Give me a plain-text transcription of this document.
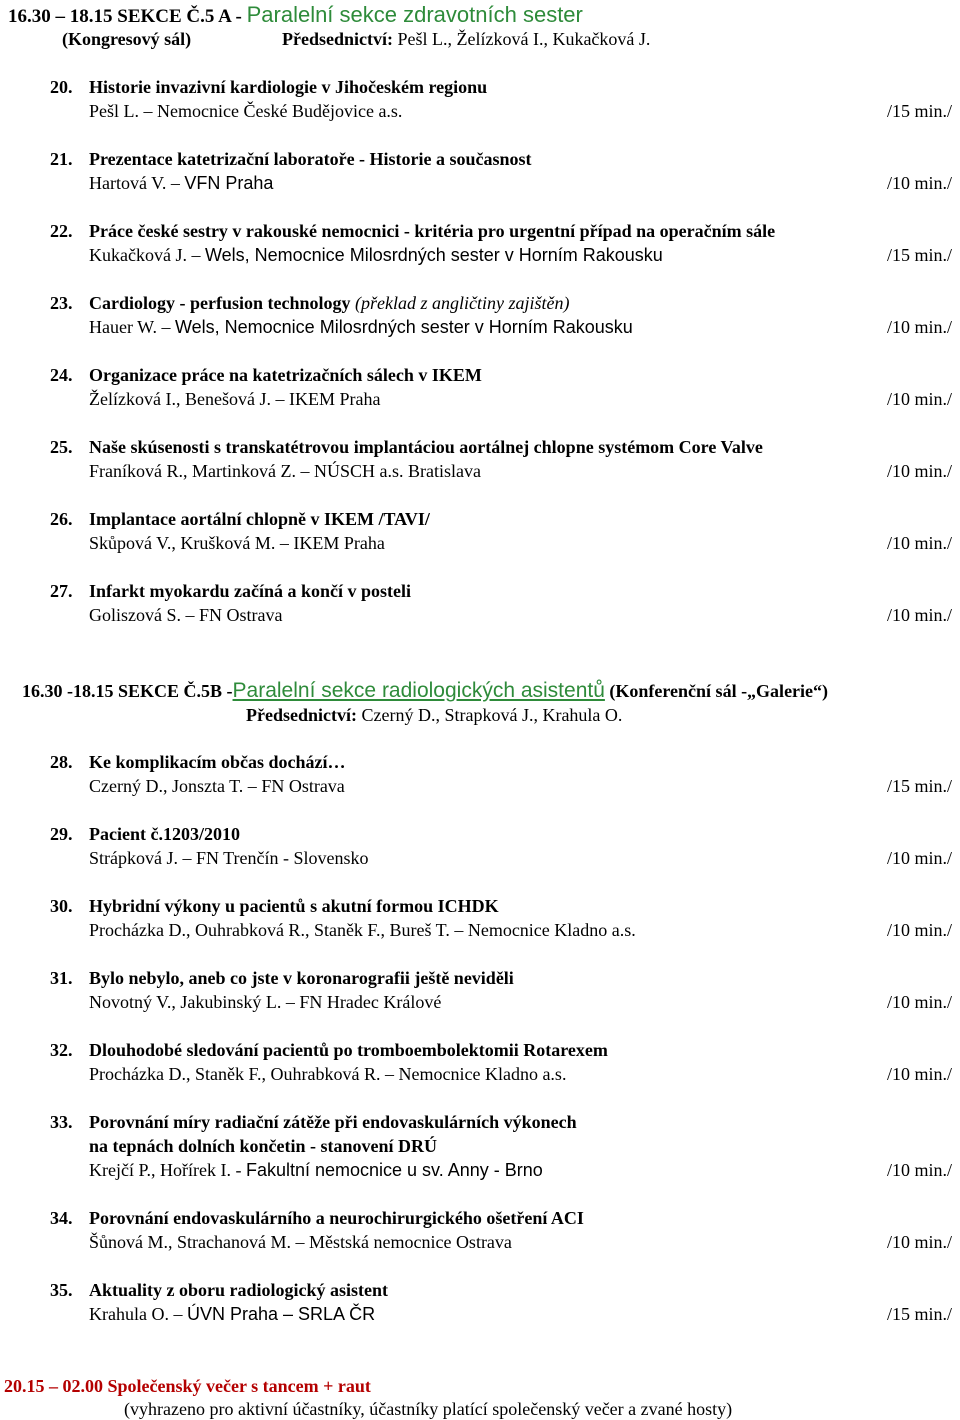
16.30 – 18.15 SEKCE Č.5 A - Paralelní sekce zdravotních sester
(Kongresový sál)	Předsednictví: Pešl L., Želízková I., Kukačková J.
20. Historie invazivní kardiologie v Jihočeském regionu
Pešl L. – Nemocnice České Budějovice a.s.	/15 min./
21. Prezentace katetrizační laboratoře - Historie a současnost
Hartová V. – VFN Praha	/10 min./
22. Práce české sestry v rakouské nemocnici - kritéria pro urgentní případ na operačním sále
Kukačková J. – Wels, Nemocnice Milosrdných sester v Horním Rakousku	/15 min./
23. Cardiology - perfusion technology (překlad z angličtiny zajištěn)
Hauer W. – Wels, Nemocnice Milosrdných sester v Horním Rakousku	/10 min./
24. Organizace práce na katetrizačních sálech v IKEM
Želízková I., Benešová J. – IKEM Praha	/10 min./
25. Naše skúsenosti s transkatétrovou implantáciou aortálnej chlopne systémom Core Valve
Franíková R., Martinková Z. – NÚSCH a.s. Bratislava	/10 min./
26. Implantace aortální chlopně v IKEM /TAVI/
Skůpová V., Krušková M. – IKEM Praha	/10 min./
27. Infarkt myokardu začíná a končí v posteli
Goliszová S. – FN Ostrava	/10 min./
16.30 -18.15 SEKCE Č.5B -Paralelní sekce radiologických asistentů (Konferenční sál -„Galerie“)
Předsednictví: Czerný D., Strapková J., Krahula O.
28. Ke komplikacím občas dochází…
Czerný D., Jonszta T. – FN Ostrava	/15 min./
29. Pacient č.1203/2010
Strápková J. – FN Trenčín - Slovensko	/10 min./
30. Hybridní výkony u pacientů s akutní formou ICHDK
Procházka D., Ouhrabková R., Staněk F., Bureš T. – Nemocnice Kladno a.s.	/10 min./
31. Bylo nebylo, aneb co jste v koronarografii ještě neviděli
Novotný V., Jakubinský L. – FN Hradec Králové	/10 min./
32. Dlouhodobé sledování pacientů po tromboembolektomii Rotarexem
Procházka D., Staněk F., Ouhrabková R. – Nemocnice Kladno a.s.	/10 min./
33. Porovnání míry radiační zátěže při endovaskulárních výkonech
na tepnách dolních končetin - stanovení DRÚ
Krejčí P., Hořírek I. - Fakultní nemocnice u sv. Anny - Brno	/10 min./
34. Porovnání endovaskulárního a neurochirurgického ošetření ACI
Šůnová M., Strachanová M. – Městská nemocnice Ostrava	/10 min./
35. Aktuality z oboru radiologický asistent
Krahula O. – ÚVN Praha – SRLA ČR	/15 min./
20.15 – 02.00 Společenský večer s tancem + raut
(vyhrazeno pro aktivní účastníky, účastníky platící společenský večer a zvané hosty)
